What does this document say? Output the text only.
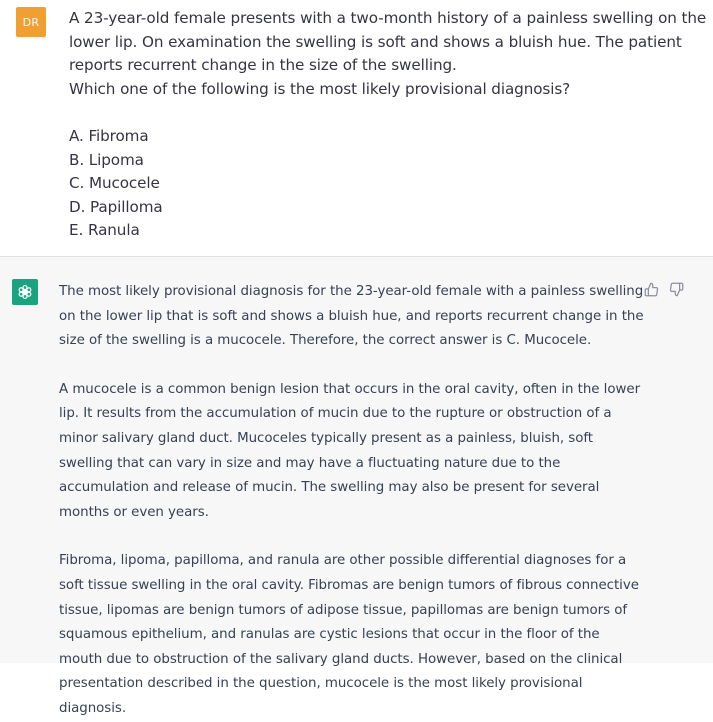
DR A 23-year-old female presents with a two-month history of a painless swelling on the lower lip. On examination the swelling is soft and shows a bluish hue. The patient reports recurrent change in the size of the swelling.

Which one of the following is the most likely provisional diagnosis?

A. Fibroma
B. Lipoma
C. Mucocele
D. Papilloma
E. Ranula

The most likely provisional diagnosis for the 23-year-old female with a painless swelling on the lower lip that is soft and shows a bluish hue, and reports recurrent change in the size of the swelling is a mucocele. Therefore, the correct answer is C. Mucocele.

A mucocele is a common benign lesion that occurs in the oral cavity, often in the lower lip. It results from the accumulation of mucin due to the rupture or obstruction of a minor salivary gland duct. Mucoceles typically present as a painless, bluish, soft swelling that can vary in size and may have a fluctuating nature due to the accumulation and release of mucin. The swelling may also be present for several months or even years.

Fibroma, lipoma, papilloma, and ranula are other possible differential diagnoses for a soft tissue swelling in the oral cavity. Fibromas are benign tumors of fibrous connective tissue, lipomas are benign tumors of adipose tissue, papillomas are benign tumors of squamous epithelium, and ranulas are cystic lesions that occur in the floor of the mouth due to obstruction of the salivary gland ducts. However, based on the clinical presentation described in the question, mucocele is the most likely provisional diagnosis.
